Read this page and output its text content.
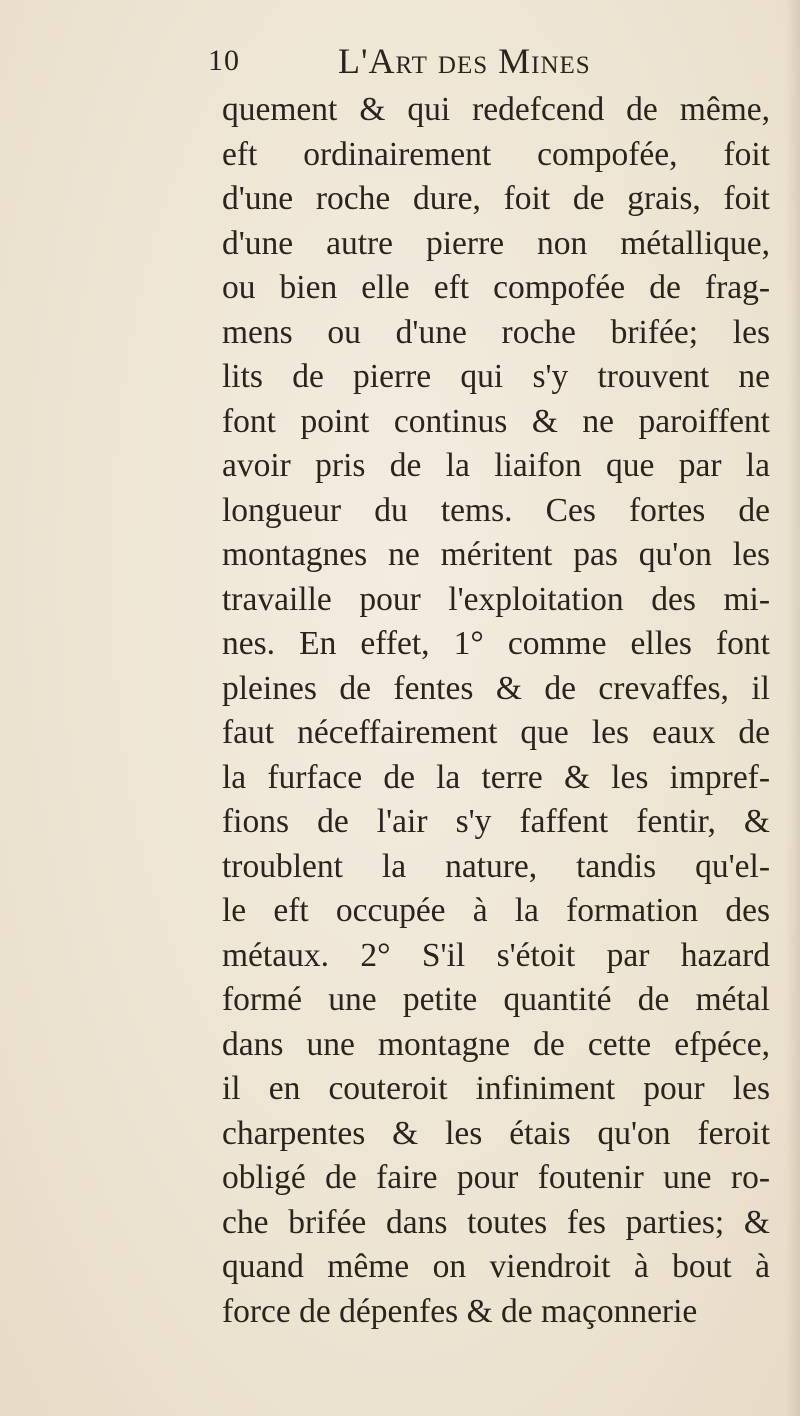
10	L'Art des Mines
quement & qui redefcend de même,
eft ordinairement compofée, foit
d'une roche dure, foit de grais, foit
d'une autre pierre non métallique,
ou bien elle eft compofée de frag-
mens ou d'une roche brifée; les
lits de pierre qui s'y trouvent ne
font point continus & ne paroiffent
avoir pris de la liaifon que par la
longueur du tems. Ces fortes de
montagnes ne méritent pas qu'on les
travaille pour l'exploitation des mi-
nes. En effet, 1° comme elles font
pleines de fentes & de crevaffes, il
faut néceffairement que les eaux de
la furface de la terre & les impref-
fions de l'air s'y faffent fentir, &
troublent la nature, tandis qu'el-
le eft occupée à la formation des
métaux. 2° S'il s'étoit par hazard
formé une petite quantité de métal
dans une montagne de cette efpéce,
il en couteroit infiniment pour les
charpentes & les étais qu'on feroit
obligé de faire pour foutenir une ro-
che brifée dans toutes fes parties; &
quand même on viendroit à bout à
force de dépenfes & de maçonnerie
